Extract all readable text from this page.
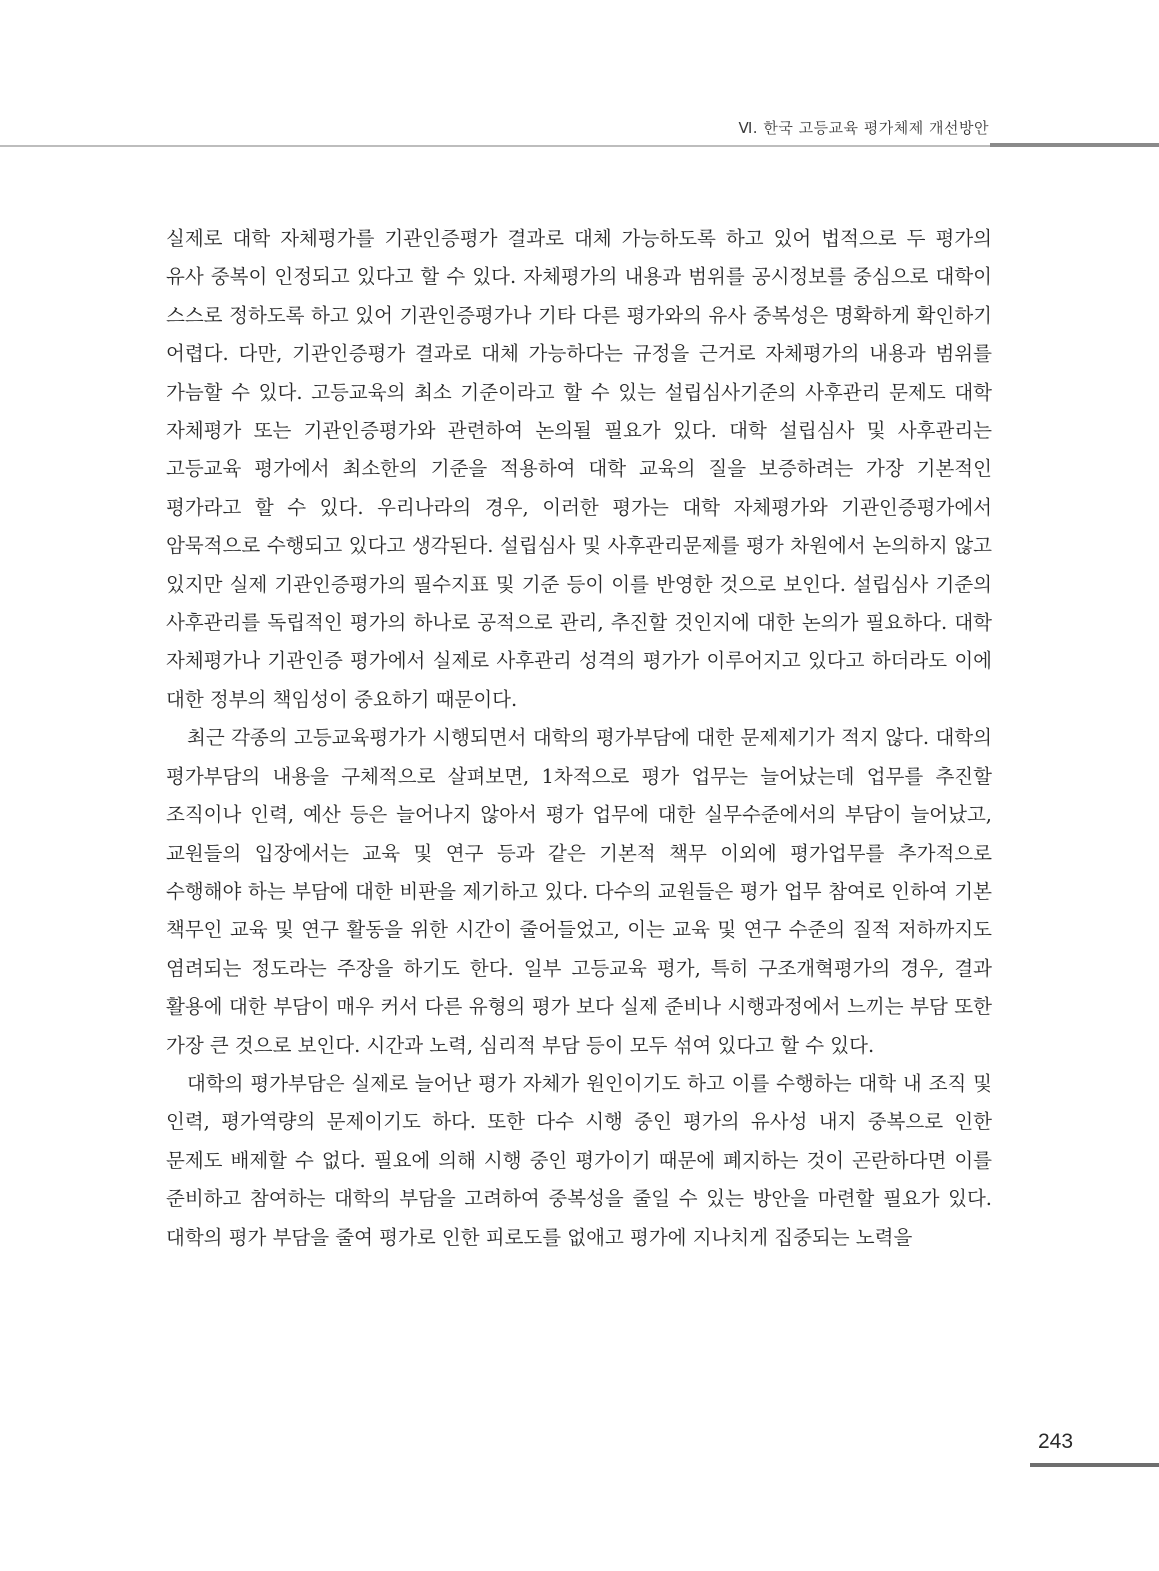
Ⅵ. 한국 고등교육 평가체제 개선방안

실제로 대학 자체평가를 기관인증평가 결과로 대체 가능하도록 하고 있어 법적으로 두 평가의 유사 중복이 인정되고 있다고 할 수 있다. 자체평가의 내용과 범위를 공시정보를 중심으로 대학이 스스로 정하도록 하고 있어 기관인증평가나 기타 다른 평가와의 유사 중복성은 명확하게 확인하기 어렵다. 다만, 기관인증평가 결과로 대체 가능하다는 규정을 근거로 자체평가의 내용과 범위를 가늠할 수 있다. 고등교육의 최소 기준이라고 할 수 있는 설립심사기준의 사후관리 문제도 대학 자체평가 또는 기관인증평가와 관련하여 논의될 필요가 있다. 대학 설립심사 및 사후관리는 고등교육 평가에서 최소한의 기준을 적용하여 대학 교육의 질을 보증하려는 가장 기본적인 평가라고 할 수 있다. 우리나라의 경우, 이러한 평가는 대학 자체평가와 기관인증평가에서 암묵적으로 수행되고 있다고 생각된다. 설립심사 및 사후관리문제를 평가 차원에서 논의하지 않고 있지만 실제 기관인증평가의 필수지표 및 기준 등이 이를 반영한 것으로 보인다. 설립심사 기준의 사후관리를 독립적인 평가의 하나로 공적으로 관리, 추진할 것인지에 대한 논의가 필요하다. 대학 자체평가나 기관인증 평가에서 실제로 사후관리 성격의 평가가 이루어지고 있다고 하더라도 이에 대한 정부의 책임성이 중요하기 때문이다.

최근 각종의 고등교육평가가 시행되면서 대학의 평가부담에 대한 문제제기가 적지 않다. 대학의 평가부담의 내용을 구체적으로 살펴보면, 1차적으로 평가 업무는 늘어났는데 업무를 추진할 조직이나 인력, 예산 등은 늘어나지 않아서 평가 업무에 대한 실무수준에서의 부담이 늘어났고, 교원들의 입장에서는 교육 및 연구 등과 같은 기본적 책무 이외에 평가업무를 추가적으로 수행해야 하는 부담에 대한 비판을 제기하고 있다. 다수의 교원들은 평가 업무 참여로 인하여 기본 책무인 교육 및 연구 활동을 위한 시간이 줄어들었고, 이는 교육 및 연구 수준의 질적 저하까지도 염려되는 정도라는 주장을 하기도 한다. 일부 고등교육 평가, 특히 구조개혁평가의 경우, 결과 활용에 대한 부담이 매우 커서 다른 유형의 평가 보다 실제 준비나 시행과정에서 느끼는 부담 또한 가장 큰 것으로 보인다. 시간과 노력, 심리적 부담 등이 모두 섞여 있다고 할 수 있다.

대학의 평가부담은 실제로 늘어난 평가 자체가 원인이기도 하고 이를 수행하는 대학 내 조직 및 인력, 평가역량의 문제이기도 하다. 또한 다수 시행 중인 평가의 유사성 내지 중복으로 인한 문제도 배제할 수 없다. 필요에 의해 시행 중인 평가이기 때문에 폐지하는 것이 곤란하다면 이를 준비하고 참여하는 대학의 부담을 고려하여 중복성을 줄일 수 있는 방안을 마련할 필요가 있다. 대학의 평가 부담을 줄여 평가로 인한 피로도를 없애고 평가에 지나치게 집중되는 노력을

243
